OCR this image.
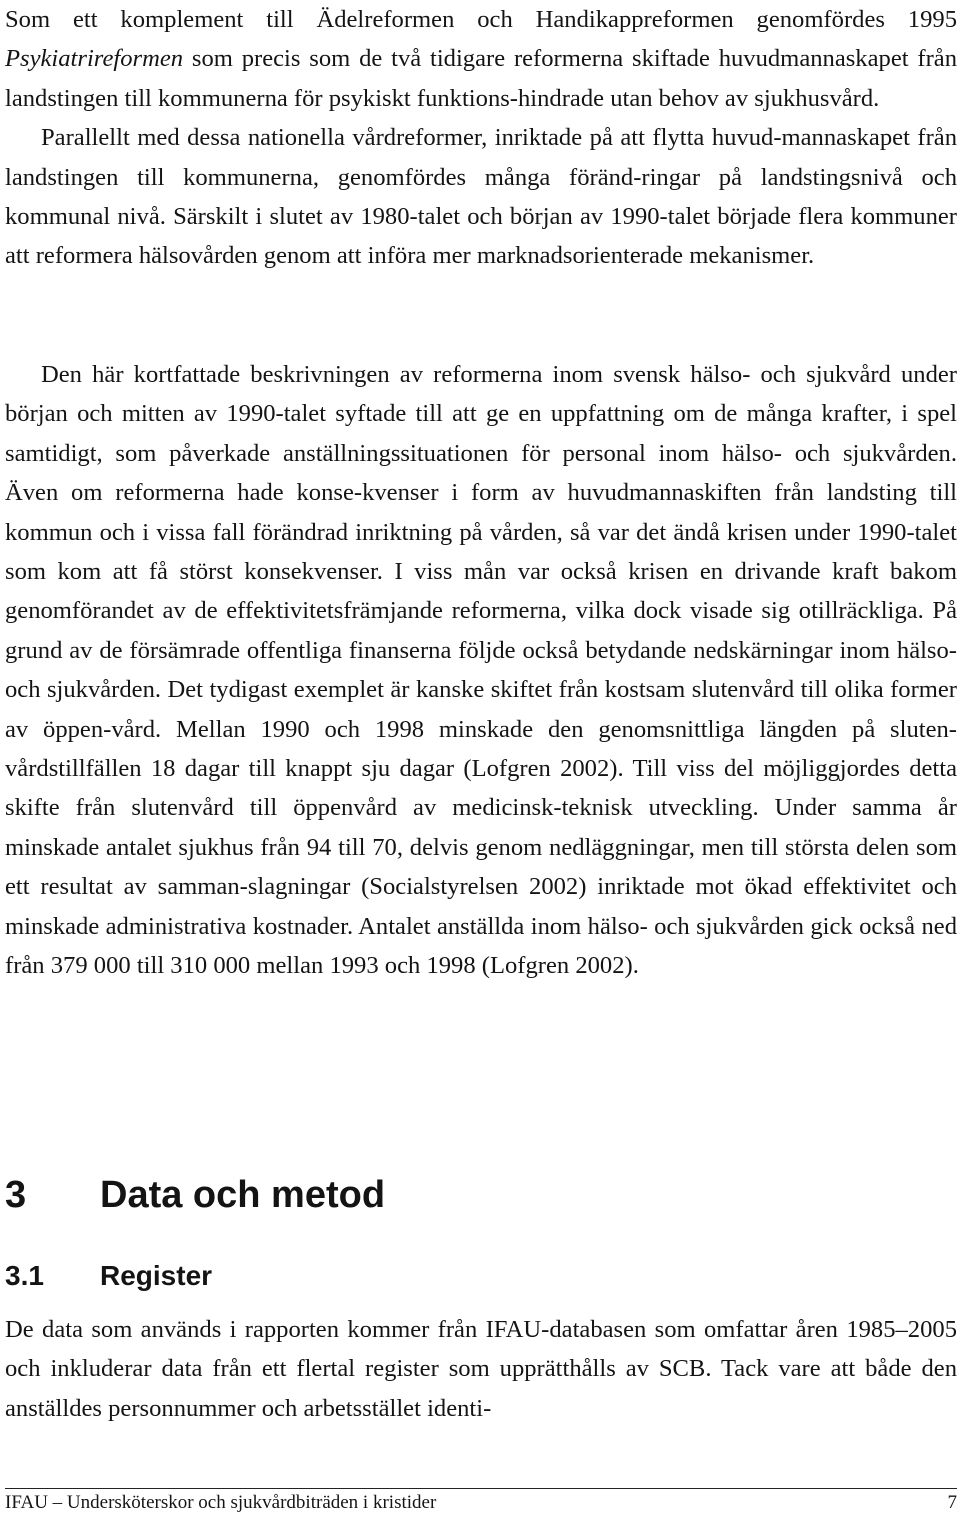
Som ett komplement till Ädelreformen och Handikappreformen genomfördes 1995 Psykiatrireformen som precis som de två tidigare reformerna skiftade huvudmannaskapet från landstingen till kommunerna för psykiskt funktions-hindrade utan behov av sjukhusvård.

Parallellt med dessa nationella vårdreformer, inriktade på att flytta huvud-mannaskapet från landstingen till kommunerna, genomfördes många föränd-ringar på landstingsnivå och kommunal nivå. Särskilt i slutet av 1980-talet och början av 1990-talet började flera kommuner att reformera hälsovården genom att införa mer marknadsorienterade mekanismer.

Den här kortfattade beskrivningen av reformerna inom svensk hälso- och sjukvård under början och mitten av 1990-talet syftade till att ge en uppfattning om de många krafter, i spel samtidigt, som påverkade anställningssituationen för personal inom hälso- och sjukvården. Även om reformerna hade konse-kvenser i form av huvudmannaskiften från landsting till kommun och i vissa fall förändrad inriktning på vården, så var det ändå krisen under 1990-talet som kom att få störst konsekvenser. I viss mån var också krisen en drivande kraft bakom genomförandet av de effektivitetsfrämjande reformerna, vilka dock visade sig otillräckliga. På grund av de försämrade offentliga finanserna följde också betydande nedskärningar inom hälso- och sjukvården. Det tydigast exemplet är kanske skiftet från kostsam slutenvård till olika former av öppen-vård. Mellan 1990 och 1998 minskade den genomsnittliga längden på sluten-vårdstillfällen 18 dagar till knappt sju dagar (Lofgren 2002). Till viss del möjliggjordes detta skifte från slutenvård till öppenvård av medicinsk-teknisk utveckling. Under samma år minskade antalet sjukhus från 94 till 70, delvis genom nedläggningar, men till största delen som ett resultat av samman-slagningar (Socialstyrelsen 2002) inriktade mot ökad effektivitet och minskade administrativa kostnader. Antalet anställda inom hälso- och sjukvården gick också ned från 379 000 till 310 000 mellan 1993 och 1998 (Lofgren 2002).

3 Data och metod
3.1 Register

De data som används i rapporten kommer från IFAU-databasen som omfattar åren 1985–2005 och inkluderar data från ett flertal register som upprätthålls av SCB. Tack vare att både den anställdes personnummer och arbetsstället identi-

IFAU – Undersköterskor och sjukvårdbiträden i kristider	7
